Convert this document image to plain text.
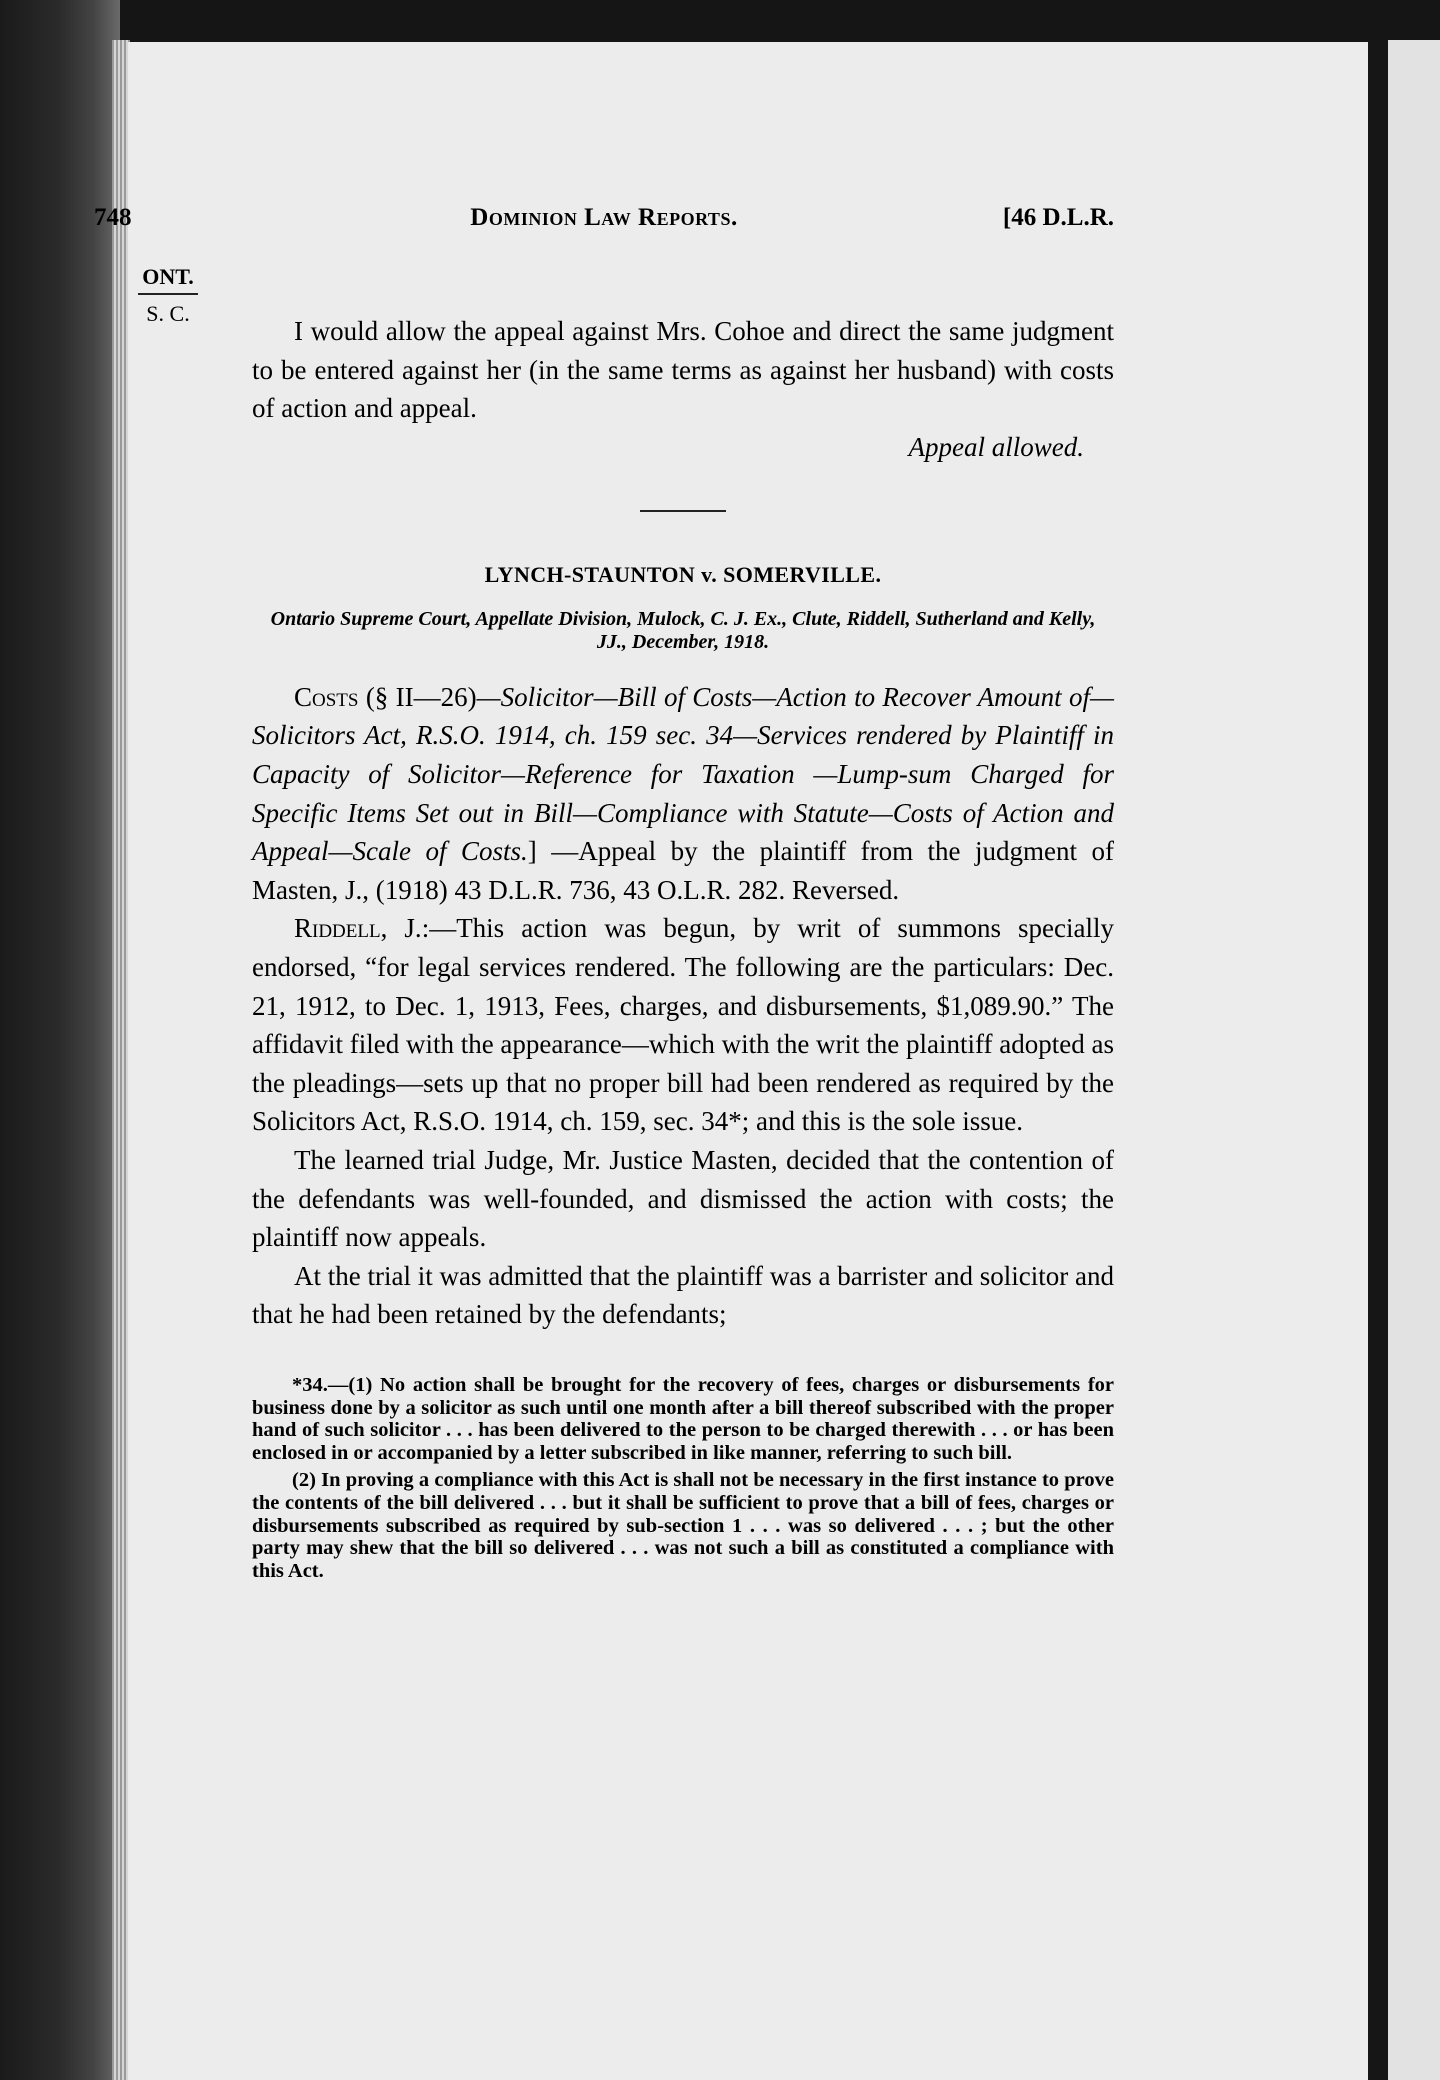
748	Dominion Law Reports.	[46 D.L.R.
ONT.
S. C.

I would allow the appeal against Mrs. Cohoe and direct the same judgment to be entered against her (in the same terms as against her husband) with costs of action and appeal.

Appeal allowed.
LYNCH-STAUNTON v. SOMERVILLE.
Ontario Supreme Court, Appellate Division, Mulock, C. J. Ex., Clute, Riddell, Sutherland and Kelly, JJ., December, 1918.

Costs (§ II—26)—Solicitor—Bill of Costs—Action to Recover Amount of—Solicitors Act, R.S.O. 1914, ch. 159 sec. 34—Services rendered by Plaintiff in Capacity of Solicitor—Reference for Taxation —Lump-sum Charged for Specific Items Set out in Bill—Compliance with Statute—Costs of Action and Appeal—Scale of Costs.] —Appeal by the plaintiff from the judgment of Masten, J., (1918) 43 D.L.R. 736, 43 O.L.R. 282. Reversed.

Riddell, J.:—This action was begun, by writ of summons specially endorsed, “for legal services rendered. The following are the particulars: Dec. 21, 1912, to Dec. 1, 1913, Fees, charges, and disbursements, $1,089.90.” The affidavit filed with the appearance—which with the writ the plaintiff adopted as the pleadings—sets up that no proper bill had been rendered as required by the Solicitors Act, R.S.O. 1914, ch. 159, sec. 34*; and this is the sole issue.

The learned trial Judge, Mr. Justice Masten, decided that the contention of the defendants was well-founded, and dismissed the action with costs; the plaintiff now appeals.

At the trial it was admitted that the plaintiff was a barrister and solicitor and that he had been retained by the defendants;

*34.—(1) No action shall be brought for the recovery of fees, charges or disbursements for business done by a solicitor as such until one month after a bill thereof subscribed with the proper hand of such solicitor . . . has been delivered to the person to be charged therewith . . . or has been enclosed in or accompanied by a letter subscribed in like manner, referring to such bill.

(2) In proving a compliance with this Act is shall not be necessary in the first instance to prove the contents of the bill delivered . . . but it shall be sufficient to prove that a bill of fees, charges or disbursements subscribed as required by sub-section 1 . . . was so delivered . . . ; but the other party may shew that the bill so delivered . . . was not such a bill as constituted a compliance with this Act.
